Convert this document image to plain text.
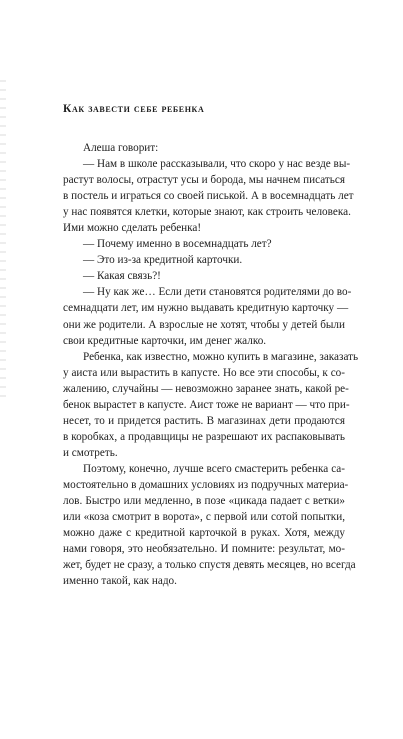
Как завести себе ребенка
Алеша говорит:
— Нам в школе рассказывали, что скоро у нас везде вы-
растут волосы, отрастут усы и борода, мы начнем писаться
в постель и играться со своей писькой. А в восемнадцать лет
у нас появятся клетки, которые знают, как строить человека.
Ими можно сделать ребенка!
— Почему именно в восемнадцать лет?
— Это из-за кредитной карточки.
— Какая связь?!
— Ну как же… Если дети становятся родителями до во-
семнадцати лет, им нужно выдавать кредитную карточку —
они же родители. А взрослые не хотят, чтобы у детей были
свои кредитные карточки, им денег жалко.
Ребенка, как известно, можно купить в магазине, заказать
у аиста или вырастить в капусте. Но все эти способы, к со-
жалению, случайны — невозможно заранее знать, какой ре-
бенок вырастет в капусте. Аист тоже не вариант — что при-
несет, то и придется растить. В магазинах дети продаются
в коробках, а продавщицы не разрешают их распаковывать
и смотреть.
Поэтому, конечно, лучше всего смастерить ребенка са-
мостоятельно в домашних условиях из подручных материа-
лов. Быстро или медленно, в позе «цикада падает с ветки»
или «коза смотрит в ворота», с первой или сотой попытки,
можно даже с кредитной карточкой в руках. Хотя, между
нами говоря, это необязательно. И помните: результат, мо-
жет, будет не сразу, а только спустя девять месяцев, но всегда
именно такой, как надо.
